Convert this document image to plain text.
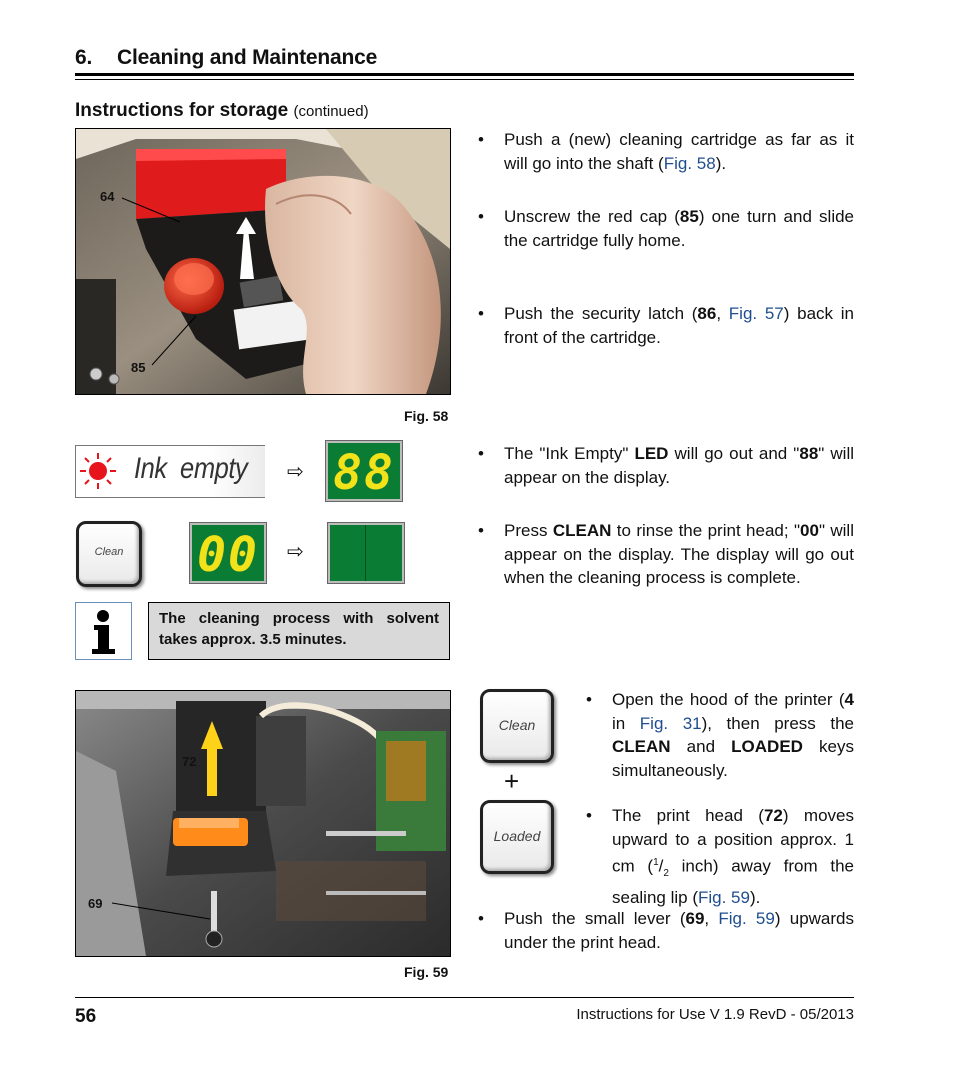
6. Cleaning and Maintenance
Instructions for storage (continued)
64
85
Fig. 58
• Push a (new) cleaning cartridge as far as it will go into the shaft (Fig. 58).
• Unscrew the red cap (85) one turn and slide the cartridge fully home.
• Push the security latch (86, Fig. 57) back in front of the cartridge.
Ink  empty ⇨ 88
Clean	00 ⇨
The cleaning process with solvent takes approx. 3.5 minutes.
• The "Ink Empty" LED will go out and "88" will appear on the display.
• Press CLEAN to rinse the print head; "00" will appear on the display. The display will go out when the cleaning process is complete.
72
69
Fig. 59
Clean
+
Loaded
• Open the hood of the printer (4 in Fig. 31), then press the CLEAN and LOADED keys simultaneously.
• The print head (72) moves upward to a position approx. 1 cm ($^1/_2$ inch) away from the sealing lip (Fig. 59).
• Push the small lever (69, Fig. 59) upwards under the print head.
56	Instructions for Use V 1.9 RevD - 05/2013
